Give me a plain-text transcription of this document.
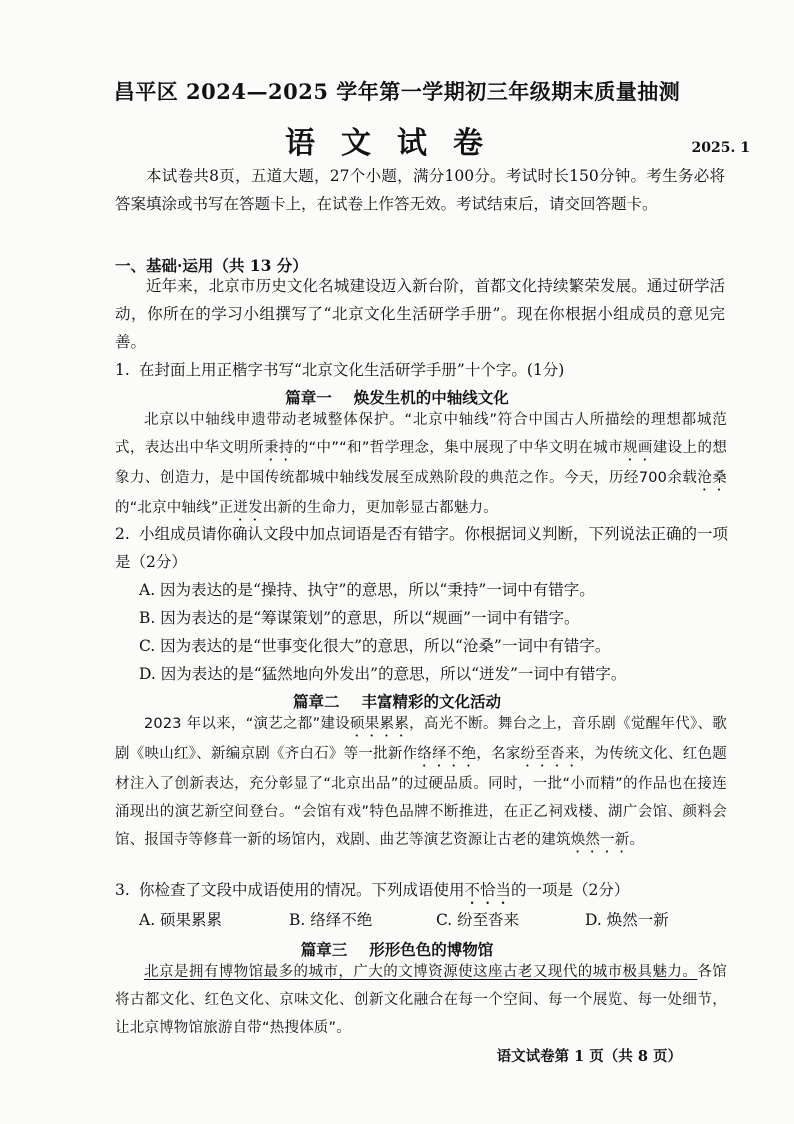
昌平区 2024—2025 学年第一学期初三年级期末质量抽测
语文试卷	2025. 1
本试卷共8页，五道大题，27个小题，满分100分。考试时长150分钟。考生务必将答案填涂或书写在答题卡上，在试卷上作答无效。考试结束后，请交回答题卡。
一、基础·运用（共 13 分）
近年来，北京市历史文化名城建设迈入新台阶，首都文化持续繁荣发展。通过研学活动，你所在的学习小组撰写了“北京文化生活研学手册”。现在你根据小组成员的意见完善。
1. 在封面上用正楷字书写“北京文化生活研学手册”十个字。(1分)
篇章一 焕发生机的中轴线文化
北京以中轴线申遗带动老城整体保护。“北京中轴线”符合中国古人所描绘的理想都城范式，表达出中华文明所秉持的“中”“和”哲学理念，集中展现了中华文明在城市规画建设上的想象力、创造力，是中国传统都城中轴线发展至成熟阶段的典范之作。今天，历经700余载沧桑的“北京中轴线”正迸发出新的生命力，更加彰显古都魅力。
2. 小组成员请你确认文段中加点词语是否有错字。你根据词义判断，下列说法正确的一项是（2分）
A. 因为表达的是“操持、执守”的意思，所以“秉持”一词中有错字。
B. 因为表达的是“筹谋策划”的意思，所以“规画”一词中有错字。
C. 因为表达的是“世事变化很大”的意思，所以“沧桑”一词中有错字。
D. 因为表达的是“猛然地向外发出”的意思，所以“迸发”一词中有错字。
篇章二 丰富精彩的文化活动
2023 年以来，“演艺之都”建设硕果累累，高光不断。舞台之上，音乐剧《觉醒年代》、歌剧《映山红》、新编京剧《齐白石》等一批新作络绎不绝，名家纷至沓来，为传统文化、红色题材注入了创新表达，充分彰显了“北京出品”的过硬品质。同时，一批“小而精”的作品也在接连涌现出的演艺新空间登台。“会馆有戏”特色品牌不断推进，在正乙祠戏楼、湖广会馆、颜料会馆、报国寺等修葺一新的场馆内，戏剧、曲艺等演艺资源让古老的建筑焕然一新。
3. 你检查了文段中成语使用的情况。下列成语使用不恰当的一项是（2分）
A. 硕果累累	B. 络绎不绝	C. 纷至沓来	D. 焕然一新
篇章三 形形色色的博物馆
北京是拥有博物馆最多的城市，广大的文博资源使这座古老又现代的城市极具魅力。各馆将古都文化、红色文化、京味文化、创新文化融合在每一个空间、每一个展览、每一处细节，让北京博物馆旅游自带“热搜体质”。
语文试卷第 1 页（共 8 页）
